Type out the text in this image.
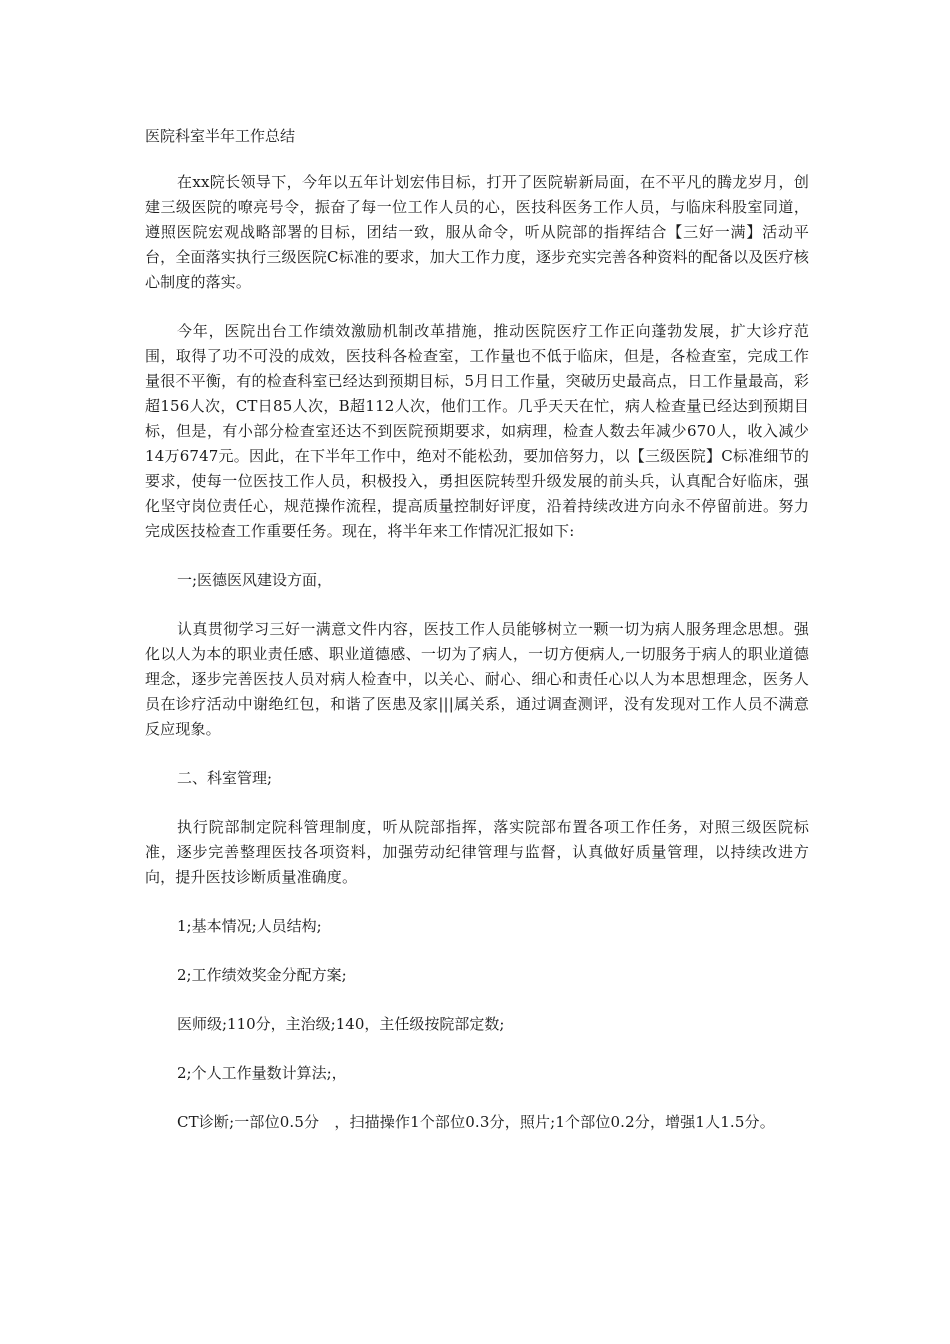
医院科室半年工作总结

在xx院长领导下，今年以五年计划宏伟目标，打开了医院崭新局面，在不平凡的腾龙岁月，创建三级医院的嘹亮号令，振奋了每一位工作人员的心，医技科医务工作人员，与临床科股室同道，遵照医院宏观战略部署的目标，团结一致，服从命令，听从院部的指挥结合【三好一满】活动平台，全面落实执行三级医院C标准的要求，加大工作力度，逐步充实完善各种资料的配备以及医疗核心制度的落实。

今年，医院出台工作绩效激励机制改革措施，推动医院医疗工作正向蓬勃发展，扩大诊疗范围，取得了功不可没的成效，医技科各检查室，工作量也不低于临床，但是，各检查室，完成工作量很不平衡，有的检查科室已经达到预期目标，5月日工作量，突破历史最高点，日工作量最高，彩超156人次，CT日85人次，B超112人次，他们工作。几乎天天在忙，病人检查量已经达到预期目标，但是，有小部分检查室还达不到医院预期要求，如病理，检查人数去年减少670人，收入减少14万6747元。因此，在下半年工作中，绝对不能松劲，要加倍努力，以【三级医院】C标准细节的要求，使每一位医技工作人员，积极投入，勇担医院转型升级发展的前头兵，认真配合好临床，强化坚守岗位责任心，规范操作流程，提高质量控制好评度，沿着持续改进方向永不停留前进。努力完成医技检查工作重要任务。现在，将半年来工作情况汇报如下:

一;医德医风建设方面，

认真贯彻学习三好一满意文件内容，医技工作人员能够树立一颗一切为病人服务理念思想。强化以人为本的职业责任感、职业道德感、一切为了病人，一切方便病人,一切服务于病人的职业道德理念，逐步完善医技人员对病人检查中，以关心、耐心、细心和责任心以人为本思想理念，医务人员在诊疗活动中谢绝红包，和谐了医患及家|||属关系，通过调查测评，没有发现对工作人员不满意反应现象。

二、科室管理;

执行院部制定院科管理制度，听从院部指挥，落实院部布置各项工作任务，对照三级医院标准，逐步完善整理医技各项资料，加强劳动纪律管理与监督，认真做好质量管理，以持续改进方向，提升医技诊断质量准确度。

1;基本情况;人员结构;

2;工作绩效奖金分配方案;

医师级;110分，主治级;140，主任级按院部定数;

2;个人工作量数计算法;，

CT诊断;一部位0.5分　，扫描操作1个部位0.3分，照片;1个部位0.2分，增强1人1.5分。
